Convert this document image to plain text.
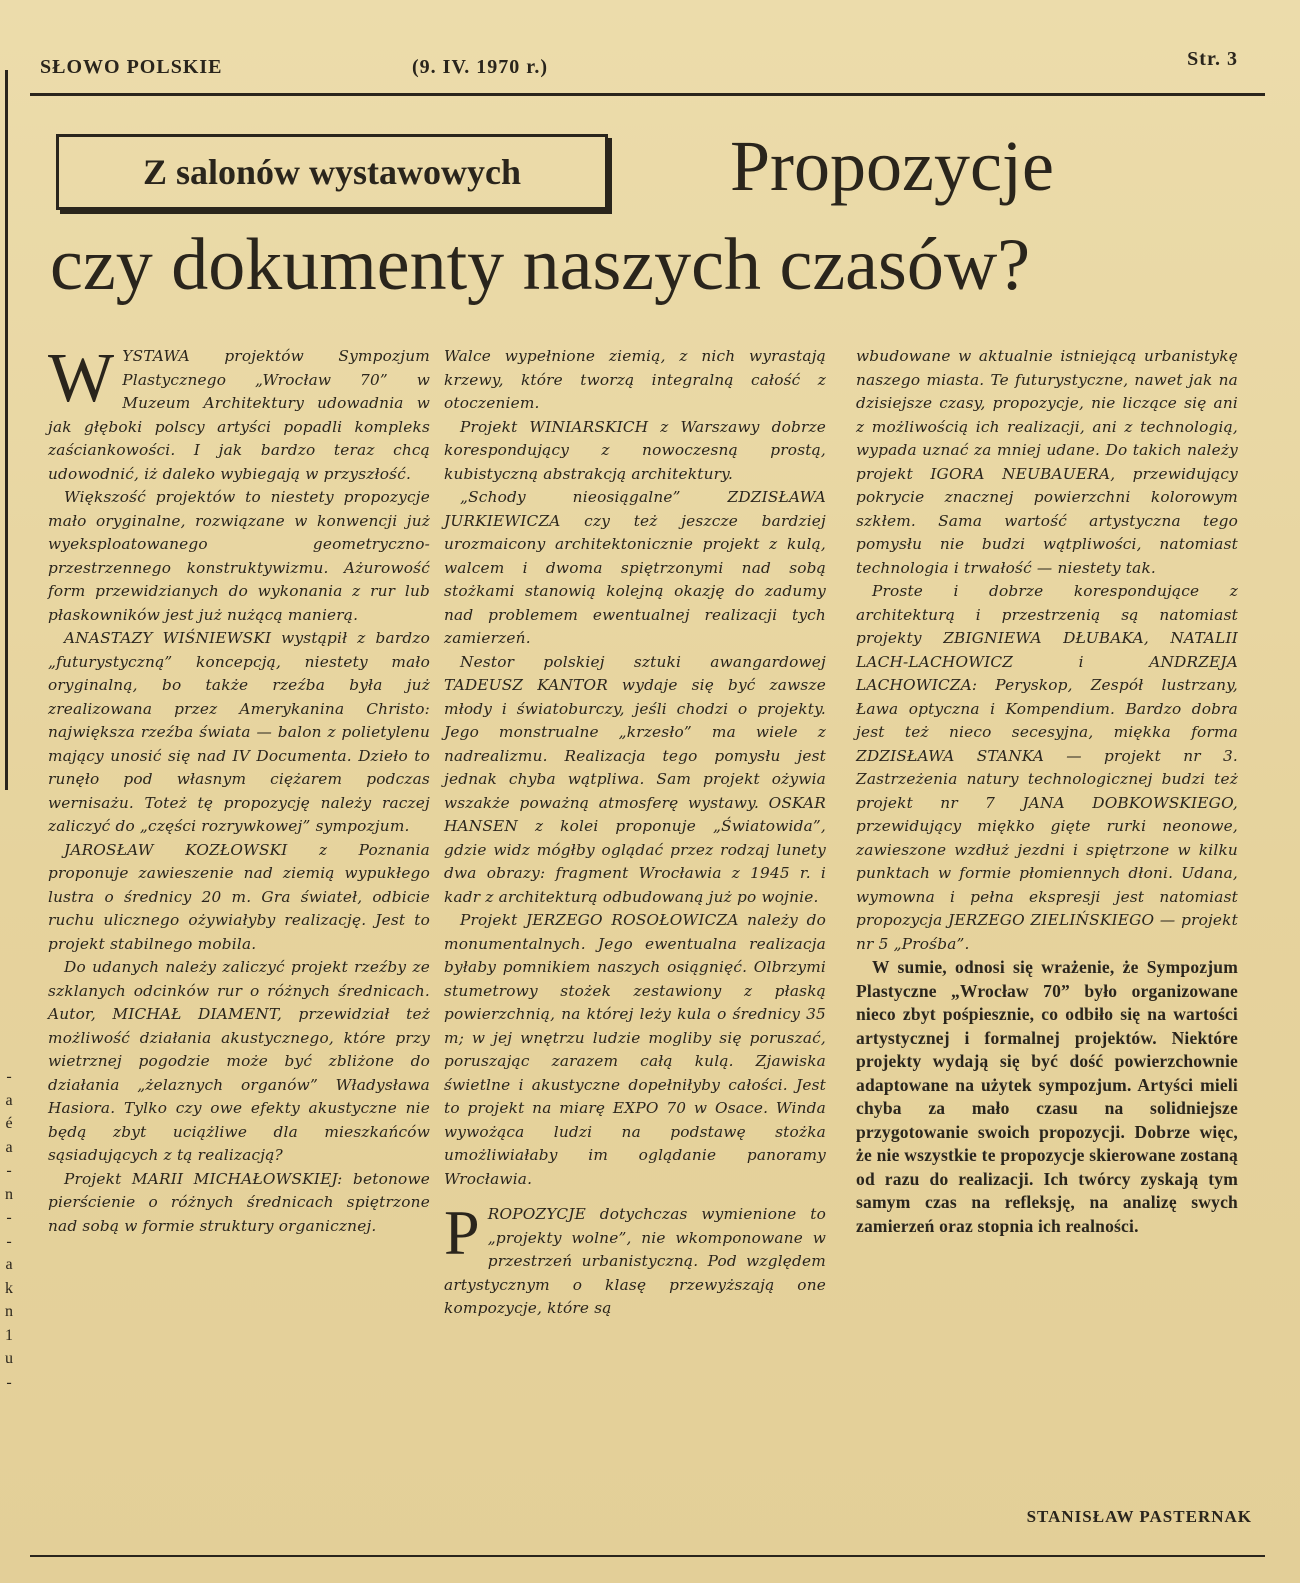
SŁOWO POLSKIE	(9. IV. 1970 r.)	Str. 3
Z salonów wystawowych	Propozycje
czy dokumenty naszych czasów?

WYSTAWA projektów Sympozjum Plastycznego „Wrocław 70” w Muzeum Architektury udowadnia w jak głęboki polscy artyści popadli kompleks zaściankowości. I jak bardzo teraz chcą udowodnić, iż daleko wybiegają w przyszłość.

Większość projektów to niestety propozycje mało oryginalne, rozwiązane w konwencji już wyeksploatowanego geometryczno-przestrzennego konstruktywizmu. Ażurowość form przewidzianych do wykonania z rur lub płaskowników jest już nużącą manierą.

ANASTAZY WIŚNIEWSKI wystąpił z bardzo „futurystyczną” koncepcją, niestety mało oryginalną, bo także rzeźba była już zrealizowana przez Amerykanina Christo: największa rzeźba świata — balon z polietylenu mający unosić się nad IV Documenta. Dzieło to runęło pod własnym ciężarem podczas wernisażu. Toteż tę propozycję należy raczej zaliczyć do „części rozrywkowej” sympozjum.

JAROSŁAW KOZŁOWSKI z Poznania proponuje zawieszenie nad ziemią wypukłego lustra o średnicy 20 m. Gra świateł, odbicie ruchu ulicznego ożywiałyby realizację. Jest to projekt stabilnego mobila.

Do udanych należy zaliczyć projekt rzeźby ze szklanych odcinków rur o różnych średnicach. Autor, MICHAŁ DIAMENT, przewidział też możliwość działania akustycznego, które przy wietrznej pogodzie może być zbliżone do działania „żelaznych organów” Władysława Hasiora. Tylko czy owe efekty akustyczne nie będą zbyt uciążliwe dla mieszkańców sąsiadujących z tą realizacją?

Projekt MARII MICHAŁOWSKIEJ: betonowe pierścienie o różnych średnicach spiętrzone nad sobą w formie struktury organicznej.

Walce wypełnione ziemią, z nich wyrastają krzewy, które tworzą integralną całość z otoczeniem.

Projekt WINIARSKICH z Warszawy dobrze korespondujący z nowoczesną prostą, kubistyczną abstrakcją architektury.

„Schody nieosiągalne” ZDZISŁAWA JURKIEWICZA czy też jeszcze bardziej urozmaicony architektonicznie projekt z kulą, walcem i dwoma spiętrzonymi nad sobą stożkami stanowią kolejną okazję do zadumy nad problemem ewentualnej realizacji tych zamierzeń.

Nestor polskiej sztuki awangardowej TADEUSZ KANTOR wydaje się być zawsze młody i światoburczy, jeśli chodzi o projekty. Jego monstrualne „krzesło” ma wiele z nadrealizmu. Realizacja tego pomysłu jest jednak chyba wątpliwa. Sam projekt ożywia wszakże poważną atmosferę wystawy. OSKAR HANSEN z kolei proponuje „Światowida”, gdzie widz mógłby oglądać przez rodzaj lunety dwa obrazy: fragment Wrocławia z 1945 r. i kadr z architekturą odbudowaną już po wojnie.

Projekt JERZEGO ROSOŁOWICZA należy do monumentalnych. Jego ewentualna realizacja byłaby pomnikiem naszych osiągnięć. Olbrzymi stumetrowy stożek zestawiony z płaską powierzchnią, na której leży kula o średnicy 35 m; w jej wnętrzu ludzie mogliby się poruszać, poruszając zarazem całą kulą. Zjawiska świetlne i akustyczne dopełniłyby całości. Jest to projekt na miarę EXPO 70 w Osace. Winda wywożąca ludzi na podstawę stożka umożliwiałaby im oglądanie panoramy Wrocławia.

PROPOZYCJE dotychczas wymienione to „projekty wolne”, nie wkomponowane w przestrzeń urbanistyczną. Pod względem artystycznym o klasę przewyższają one kompozycje, które są

wbudowane w aktualnie istniejącą urbanistykę naszego miasta. Te futurystyczne, nawet jak na dzisiejsze czasy, propozycje, nie liczące się ani z możliwością ich realizacji, ani z technologią, wypada uznać za mniej udane. Do takich należy projekt IGORA NEUBAUERA, przewidujący pokrycie znacznej powierzchni kolorowym szkłem. Sama wartość artystyczna tego pomysłu nie budzi wątpliwości, natomiast technologia i trwałość — niestety tak.

Proste i dobrze korespondujące z architekturą i przestrzenią są natomiast projekty ZBIGNIEWA DŁUBAKA, NATALII LACH-LACHOWICZ i ANDRZEJA LACHOWICZA: Peryskop, Zespół lustrzany, Ława optyczna i Kompendium. Bardzo dobra jest też nieco secesyjna, miękka forma ZDZISŁAWA STANKA — projekt nr 3. Zastrzeżenia natury technologicznej budzi też projekt nr 7 JANA DOBKOWSKIEGO, przewidujący miękko gięte rurki neonowe, zawieszone wzdłuż jezdni i spiętrzone w kilku punktach w formie płomiennych dłoni. Udana, wymowna i pełna ekspresji jest natomiast propozycja JERZEGO ZIELIŃSKIEGO — projekt nr 5 „Prośba”.

W sumie, odnosi się wrażenie, że Sympozjum Plastyczne „Wrocław 70” było organizowane nieco zbyt pośpiesznie, co odbiło się na wartości artystycznej i formalnej projektów. Niektóre projekty wydają się być dość powierzchownie adaptowane na użytek sympozjum. Artyści mieli chyba za mało czasu na solidniejsze przygotowanie swoich propozycji. Dobrze więc, że nie wszystkie te propozycje skierowane zostaną od razu do realizacji. Ich twórcy zyskają tym samym czas na refleksję, na analizę swych zamierzeń oraz stopnia ich realności.

STANISŁAW PASTERNAK
-
a
é
a
-
n
-
-
a
k
n
1
u
-
